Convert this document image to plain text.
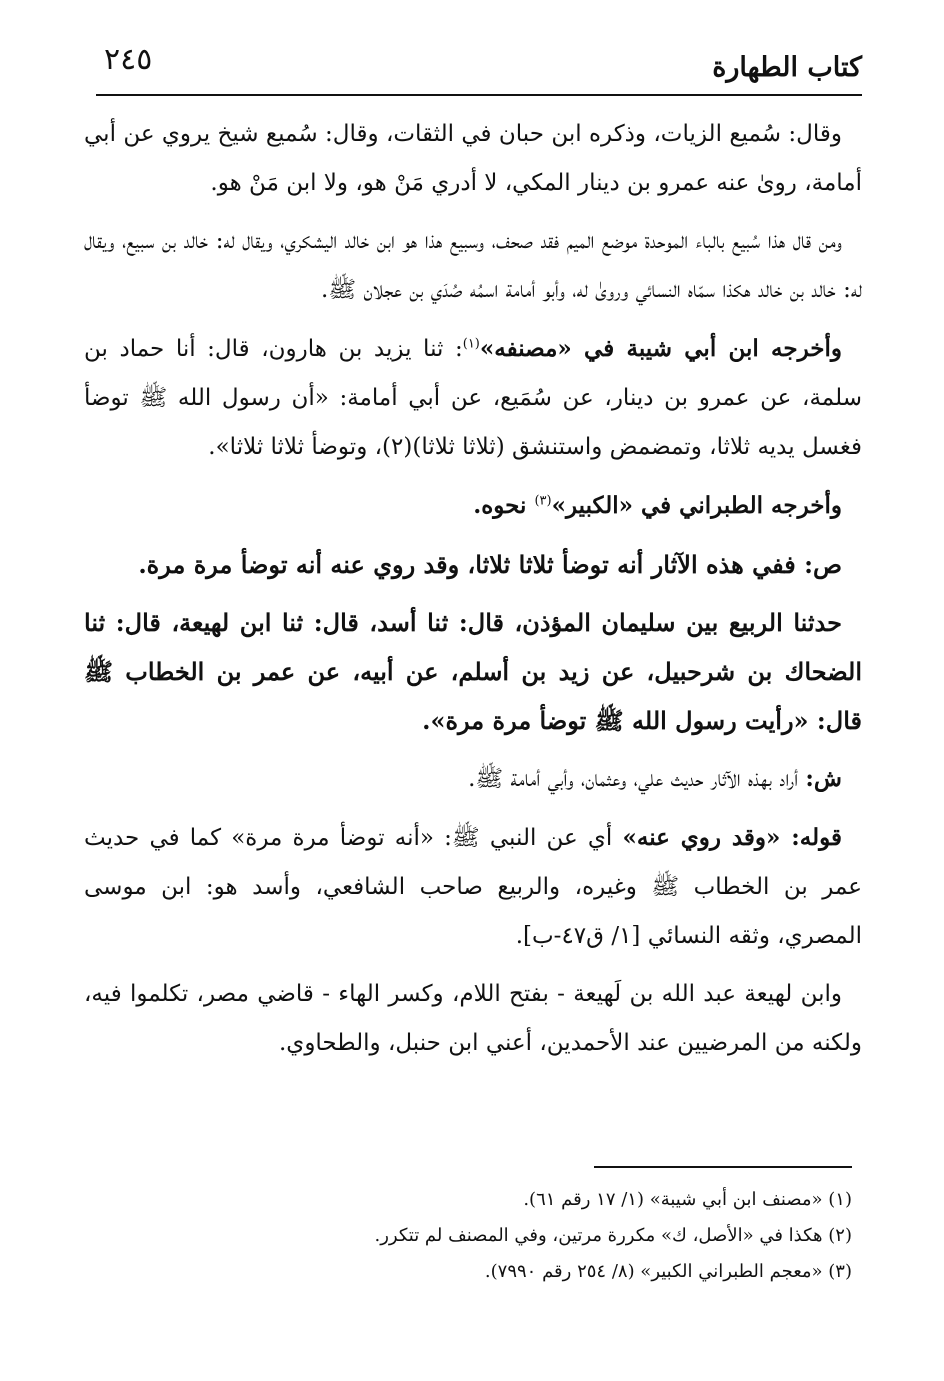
٢٤٥	كتاب الطهارة

وقال: سُميع الزيات، وذكره ابن حبان في الثقات، وقال: سُميع شيخ يروي عن أبي أمامة، روىٰ عنه عمرو بن دينار المكي، لا أدري مَنْ هو، ولا ابن مَنْ هو.

ومن قال هذا سُبيع بالباء الموحدة موضع الميم فقد صحف، وسبيع هذا هو ابن خالد اليشكري، ويقال له: خالد بن سبيع، ويقال له: خالد بن خالد هكذا سمّاه النسائي وروىٰ له، وأبو أمامة اسمُه صُدَي بن عجلان ﷺ.

وأخرجه ابن أبي شيبة في «مصنفه»$^{(١)}$: ثنا يزيد بن هارون، قال: أنا حماد بن سلمة، عن عمرو بن دينار، عن سُمَيع، عن أبي أمامة: «أن رسول الله ﷺ توضأ فغسل يديه ثلاثا، وتمضمض واستنشق (ثلاثا ثلاثا)(٢)، وتوضأ ثلاثا ثلاثا».

وأخرجه الطبراني في «الكبير»$^{(٣)}$ نحوه.

ص: ففي هذه الآثار أنه توضأ ثلاثا ثلاثا، وقد روي عنه أنه توضأ مرة مرة.

حدثنا الربيع بين سليمان المؤذن، قال: ثنا أسد، قال: ثنا ابن لهيعة، قال: ثنا الضحاك بن شرحبيل، عن زيد بن أسلم، عن أبيه، عن عمر بن الخطاب ﷺ قال: «رأيت رسول الله ﷺ توضأ مرة مرة».

ش: أراد بهذه الآثار حديث علي، وعثمان، وأبي أمامة ﷺ.

قوله: «وقد روي عنه» أي عن النبي ﷺ: «أنه توضأ مرة مرة» كما في حديث عمر بن الخطاب ﷺ وغيره، والربيع صاحب الشافعي، وأسد هو: ابن موسى المصري، وثقه النسائي [١/ ق٤٧-ب].

وابن لهيعة عبد الله بن لَهيعة - بفتح اللام، وكسر الهاء - قاضي مصر، تكلموا فيه، ولكنه من المرضيين عند الأحمدين، أعني ابن حنبل، والطحاوي.

(١) «مصنف ابن أبي شيبة» (١/ ١٧ رقم ٦١).
(٢) هكذا في «الأصل، ك» مكررة مرتين، وفي المصنف لم تتكرر.
(٣) «معجم الطبراني الكبير» (٨/ ٢٥٤ رقم ٧٩٩٠).
